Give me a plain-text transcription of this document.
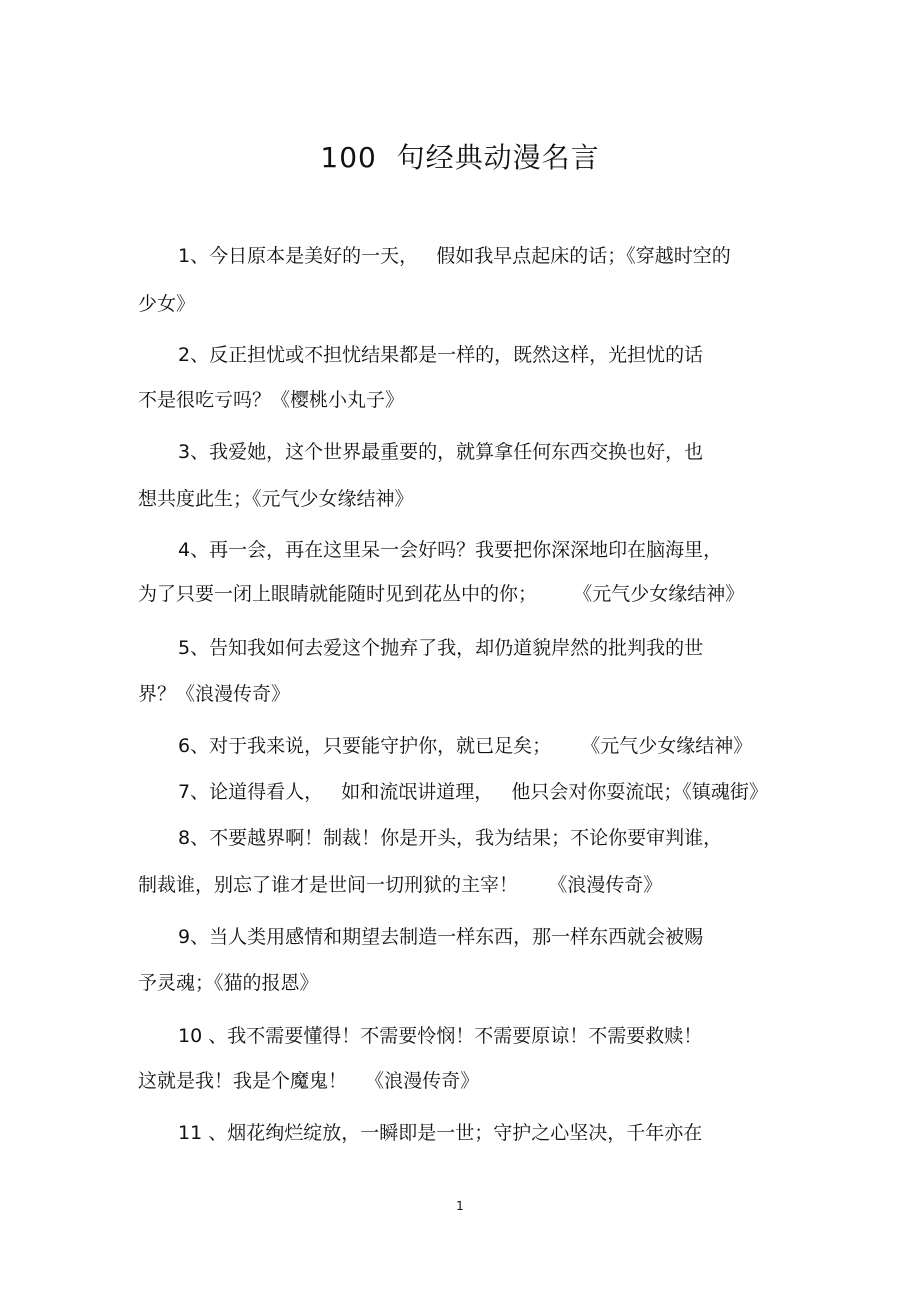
100  句经典动漫名言
1、今日原本是美好的一天，   假如我早点起床的话；《穿越时空的
少女》
2、反正担忧或不担忧结果都是一样的，既然这样，光担忧的话
不是很吃亏吗？《樱桃小丸子》
3、我爱她，这个世界最重要的，就算拿任何东西交换也好，也
想共度此生；《元气少女缘结神》
4、再一会，再在这里呆一会好吗？我要把你深深地印在脑海里，
为了只要一闭上眼睛就能随时见到花丛中的你；      《元气少女缘结神》
5、告知我如何去爱这个抛弃了我，却仍道貌岸然的批判我的世
界？《浪漫传奇》
6、对于我来说，只要能守护你，就已足矣；     《元气少女缘结神》
7、论道得看人，   如和流氓讲道理，   他只会对你耍流氓；《镇魂街》
8、不要越界啊！制裁！你是开头，我为结果；不论你要审判谁，
制裁谁，别忘了谁才是世间一切刑狱的主宰！     《浪漫传奇》
9、当人类用感情和期望去制造一样东西，那一样东西就会被赐
予灵魂；《猫的报恩》
10 、我不需要懂得！不需要怜悯！不需要原谅！不需要救赎！
这就是我！我是个魔鬼！   《浪漫传奇》
11 、烟花绚烂绽放，一瞬即是一世；守护之心坚决，千年亦在
1
